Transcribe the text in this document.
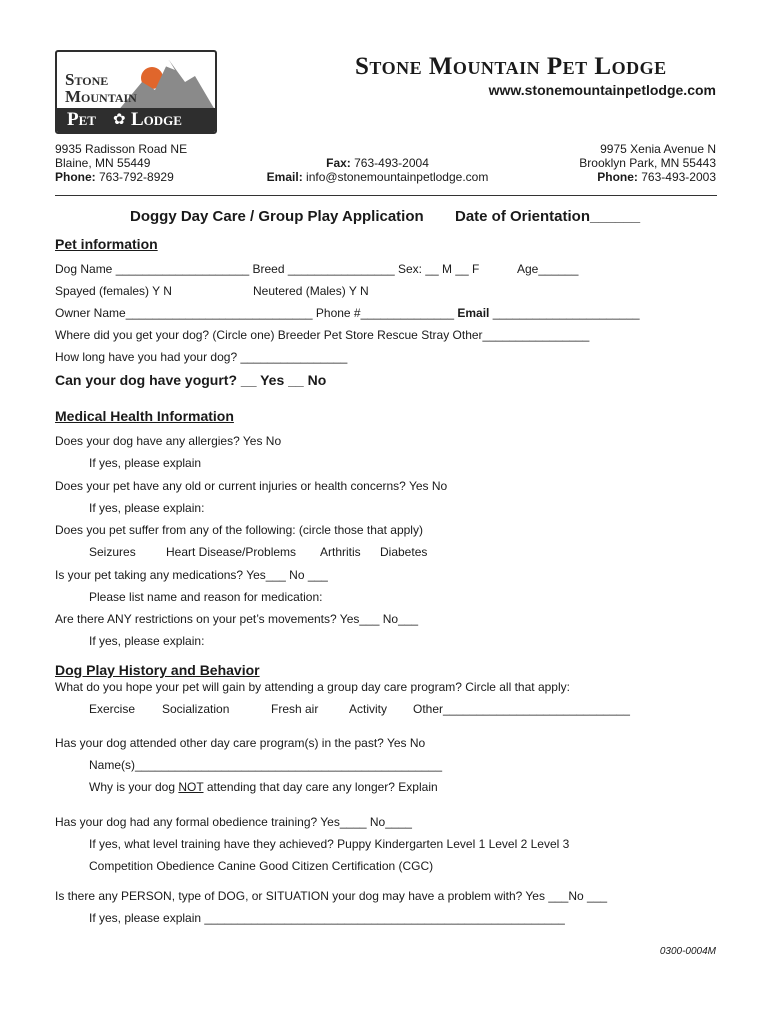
Stone
Mountain
Pet ✿ Lodge
Stone Mountain Pet Lodge
www.stonemountainpetlodge.com
9935 Radisson Road NE
Blaine, MN 55449
Phone: 763-792-8929
Fax: 763-493-2004
Email: info@stonemountainpetlodge.com
9975 Xenia Avenue N
Brooklyn Park, MN 55443
Phone: 763-493-2003
Doggy Day Care / Group Play Application Date of Orientation______
Pet information
Dog Name ____________________ Breed ________________ Sex: __ M __ F	Age______
Spayed (females) Y N	Neutered (Males) Y N
Owner Name____________________________ Phone #______________ Email ______________________
Where did you get your dog? (Circle one) Breeder Pet Store Rescue Stray Other________________
How long have you had your dog? ________________
Can your dog have yogurt? __ Yes __ No
Medical Health Information
Does your dog have any allergies? Yes No
If yes, please explain
Does your pet have any old or current injuries or health concerns? Yes No
If yes, please explain:
Does you pet suffer from any of the following: (circle those that apply)
Seizures	Heart Disease/Problems Arthritis Diabetes
Is your pet taking any medications? Yes___ No ___
Please list name and reason for medication:
Are there ANY restrictions on your pet’s movements? Yes___ No___
If yes, please explain:
Dog Play History and Behavior
What do you hope your pet will gain by attending a group day care program? Circle all that apply:
Exercise Socialization	Fresh air	Activity Other____________________________
Has your dog attended other day care program(s) in the past? Yes No
Name(s)______________________________________________
Why is your dog NOT attending that day care any longer? Explain
Has your dog had any formal obedience training? Yes____ No____
If yes, what level training have they achieved? Puppy Kindergarten Level 1 Level 2 Level 3
Competition Obedience Canine Good Citizen Certification (CGC)
Is there any PERSON, type of DOG, or SITUATION your dog may have a problem with? Yes ___No ___
If yes, please explain ______________________________________________________
0300-0004M
